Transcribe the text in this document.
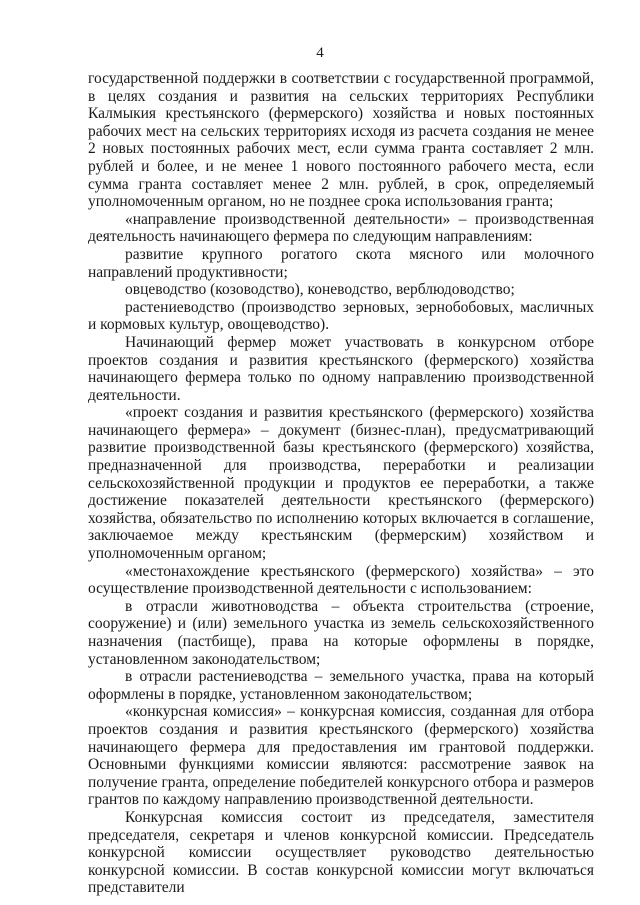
4

государственной поддержки в соответствии с государственной программой, в целях создания и развития на сельских территориях Республики Калмыкия крестьянского (фермерского) хозяйства и новых постоянных рабочих мест на сельских территориях исходя из расчета создания не менее 2 новых постоянных рабочих мест, если сумма гранта составляет 2 млн. рублей и более, и не менее 1 нового постоянного рабочего места, если сумма гранта составляет менее 2 млн. рублей, в срок, определяемый уполномоченным органом, но не позднее срока использования гранта;

«направление производственной деятельности» – производственная деятельность начинающего фермера по следующим направлениям:

развитие крупного рогатого скота мясного или молочного направлений продуктивности;

овцеводство (козоводство), коневодство, верблюдоводство;

растениеводство (производство зерновых, зернобобовых, масличных и кормовых культур, овощеводство).

Начинающий фермер может участвовать в конкурсном отборе проектов создания и развития крестьянского (фермерского) хозяйства начинающего фермера только по одному направлению производственной деятельности.

«проект создания и развития крестьянского (фермерского) хозяйства начинающего фермера» – документ (бизнес-план), предусматривающий развитие производственной базы крестьянского (фермерского) хозяйства, предназначенной для производства, переработки и реализации сельскохозяйственной продукции и продуктов ее переработки, а также достижение показателей деятельности крестьянского (фермерского) хозяйства, обязательство по исполнению которых включается в соглашение, заключаемое между крестьянским (фермерским) хозяйством и уполномоченным органом;

«местонахождение крестьянского (фермерского) хозяйства» – это осуществление производственной деятельности с использованием:

в отрасли животноводства – объекта строительства (строение, сооружение) и (или) земельного участка из земель сельскохозяйственного назначения (пастбище), права на которые оформлены в порядке, установленном законодательством;

в отрасли растениеводства – земельного участка, права на который оформлены в порядке, установленном законодательством;

«конкурсная комиссия» – конкурсная комиссия, созданная для отбора проектов создания и развития крестьянского (фермерского) хозяйства начинающего фермера для предоставления им грантовой поддержки. Основными функциями комиссии являются: рассмотрение заявок на получение гранта, определение победителей конкурсного отбора и размеров грантов по каждому направлению производственной деятельности.

Конкурсная комиссия состоит из председателя, заместителя председателя, секретаря и членов конкурсной комиссии. Председатель конкурсной комиссии осуществляет руководство деятельностью конкурсной комиссии. В состав конкурсной комиссии могут включаться представители
